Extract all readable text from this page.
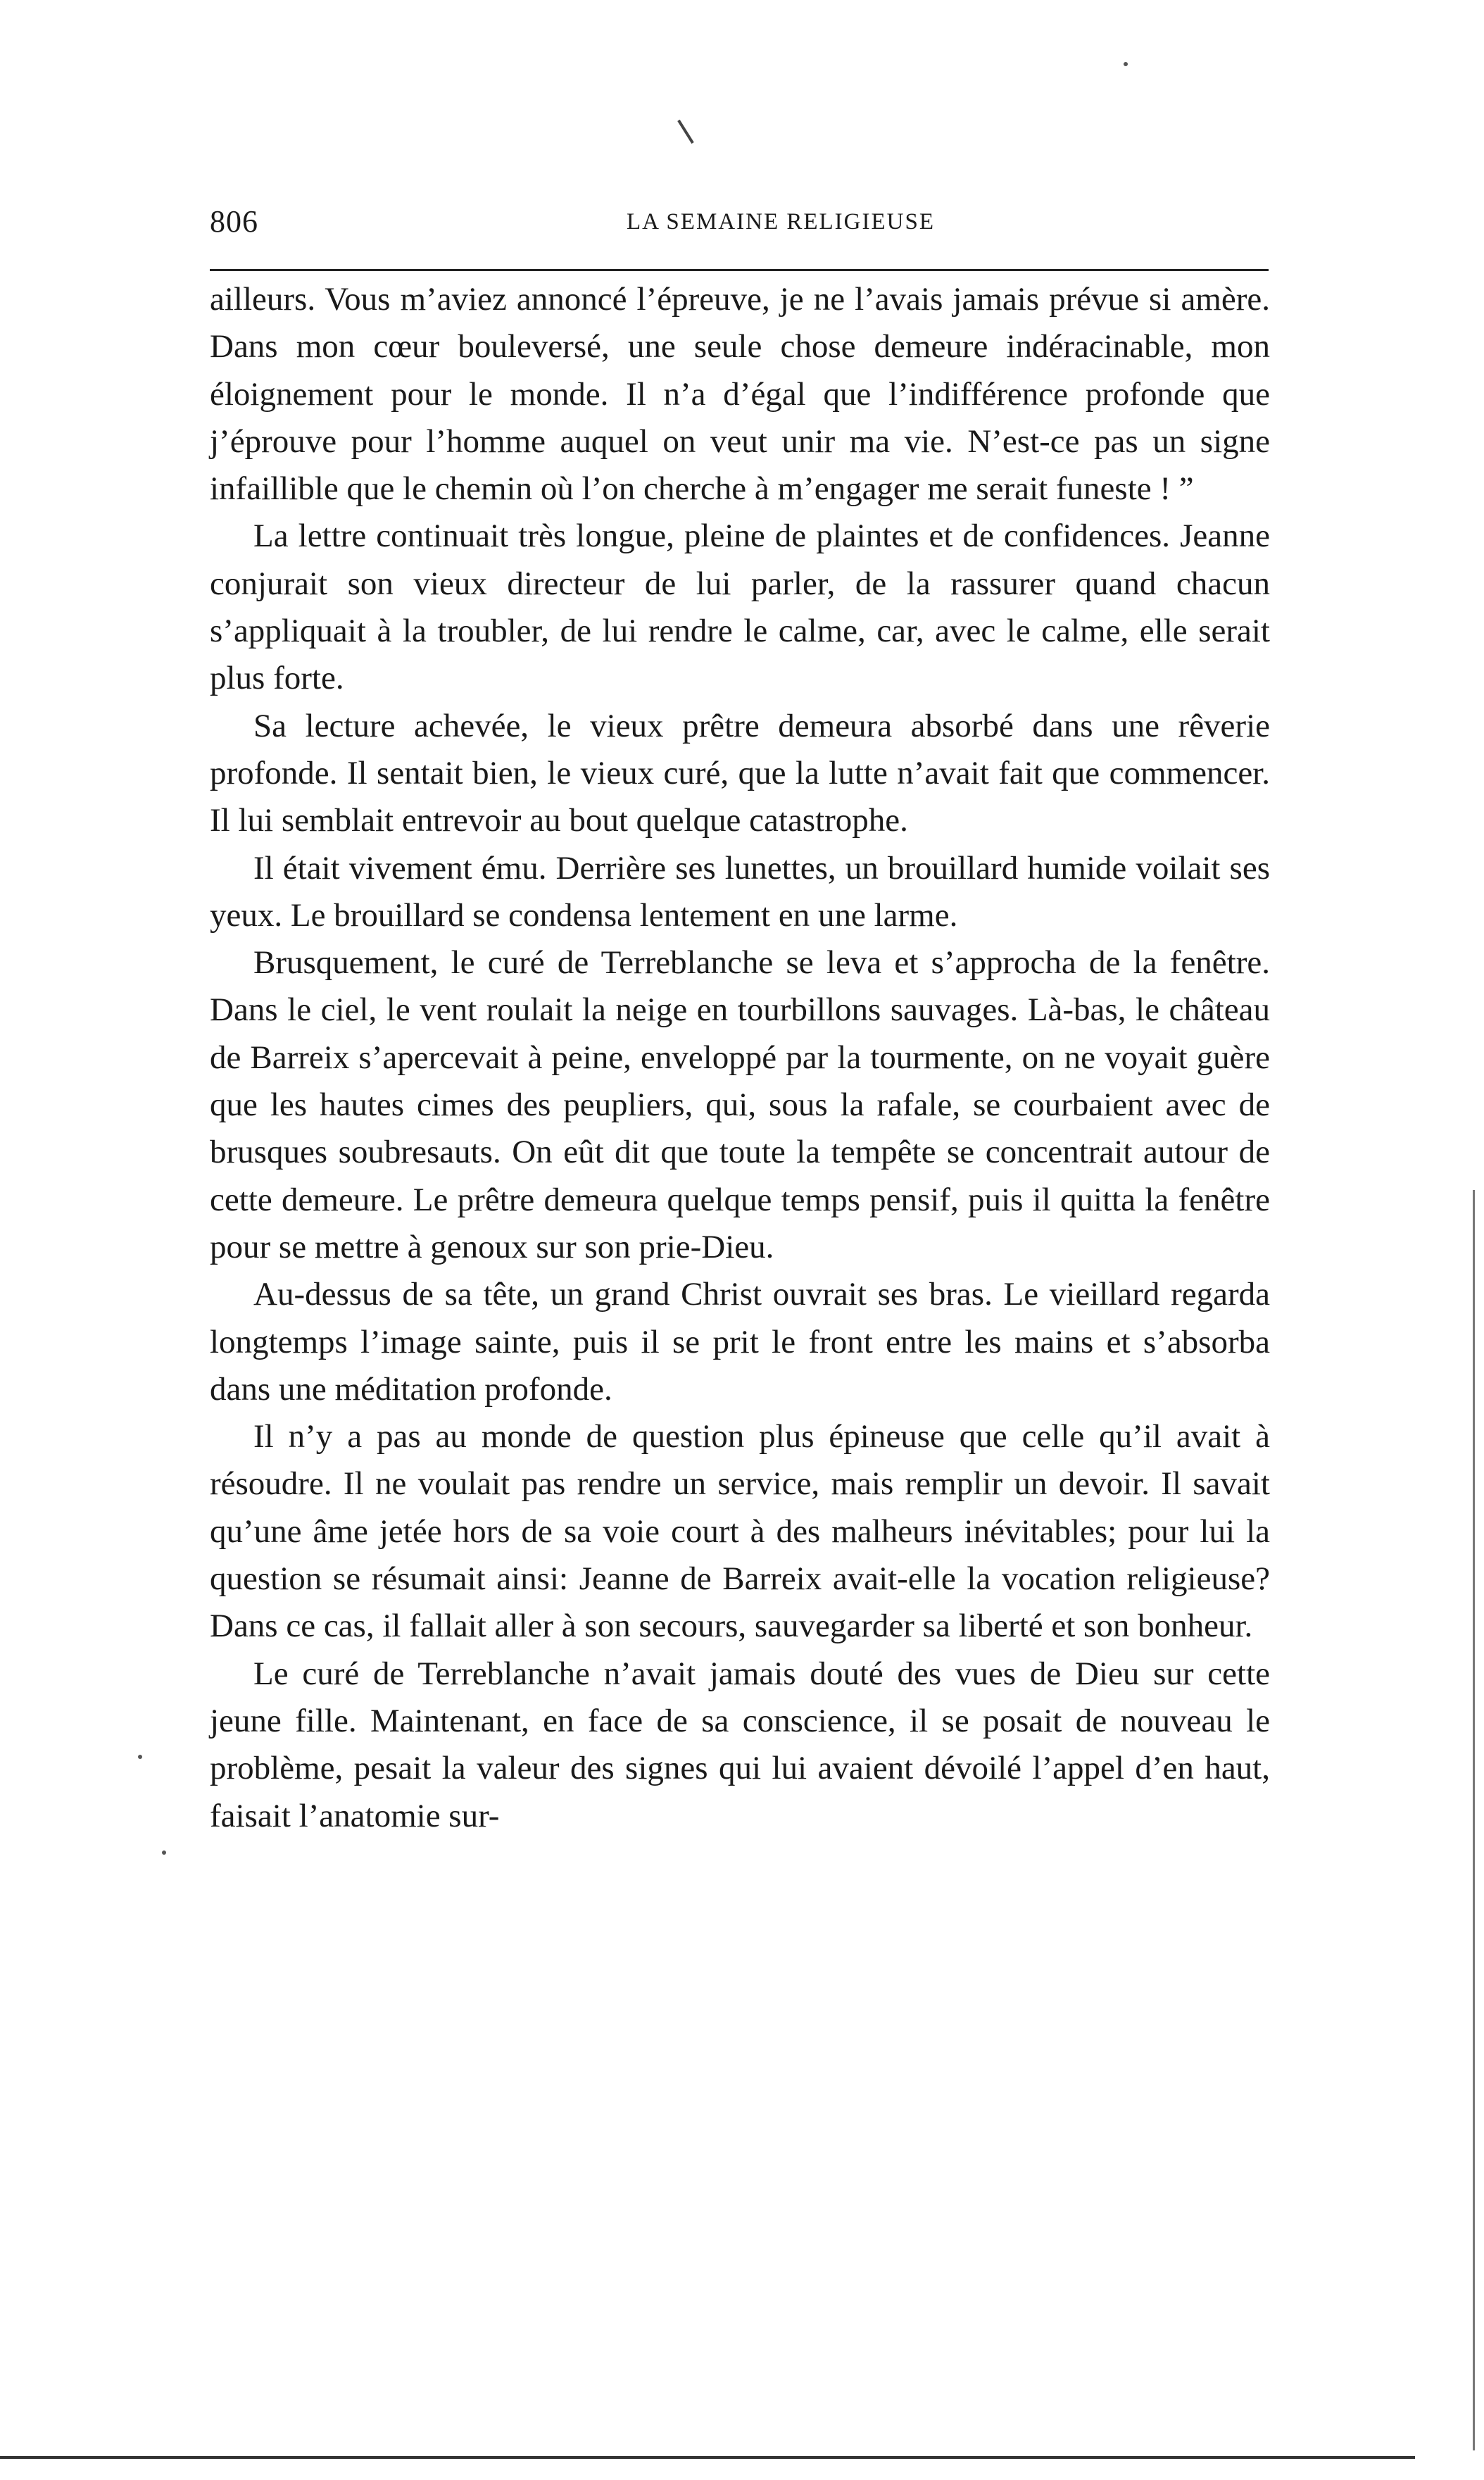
806	LA SEMAINE RELIGIEUSE

ailleurs. Vous m’aviez annoncé l’épreuve, je ne l’avais jamais prévue si amère. Dans mon cœur bouleversé, une seule chose demeure indéracinable, mon éloignement pour le monde. Il n’a d’égal que l’indifférence profonde que j’éprouve pour l’homme auquel on veut unir ma vie. N’est-ce pas un signe infaillible que le chemin où l’on cherche à m’engager me serait funeste ! ”

La lettre continuait très longue, pleine de plaintes et de confidences. Jeanne conjurait son vieux directeur de lui parler, de la rassurer quand chacun s’appliquait à la troubler, de lui rendre le calme, car, avec le calme, elle serait plus forte.

Sa lecture achevée, le vieux prêtre demeura absorbé dans une rêverie profonde. Il sentait bien, le vieux curé, que la lutte n’avait fait que commencer. Il lui semblait entrevoir au bout quelque catastrophe.

Il était vivement ému. Derrière ses lunettes, un brouillard humide voilait ses yeux. Le brouillard se condensa lentement en une larme.

Brusquement, le curé de Terreblanche se leva et s’approcha de la fenêtre. Dans le ciel, le vent roulait la neige en tourbillons sauvages. Là-bas, le château de Barreix s’apercevait à peine, enveloppé par la tourmente, on ne voyait guère que les hautes cimes des peupliers, qui, sous la rafale, se courbaient avec de brusques soubresauts. On eût dit que toute la tempête se concentrait autour de cette demeure. Le prêtre demeura quelque temps pensif, puis il quitta la fenêtre pour se mettre à genoux sur son prie-Dieu.

Au-dessus de sa tête, un grand Christ ouvrait ses bras. Le vieillard regarda longtemps l’image sainte, puis il se prit le front entre les mains et s’absorba dans une méditation profonde.

Il n’y a pas au monde de question plus épineuse que celle qu’il avait à résoudre. Il ne voulait pas rendre un service, mais remplir un devoir. Il savait qu’une âme jetée hors de sa voie court à des malheurs inévitables; pour lui la question se résumait ainsi: Jeanne de Barreix avait-elle la vocation religieuse? Dans ce cas, il fallait aller à son secours, sauvegarder sa liberté et son bonheur.

Le curé de Terreblanche n’avait jamais douté des vues de Dieu sur cette jeune fille. Maintenant, en face de sa conscience, il se posait de nouveau le problème, pesait la valeur des signes qui lui avaient dévoilé l’appel d’en haut, faisait l’anatomie sur-
